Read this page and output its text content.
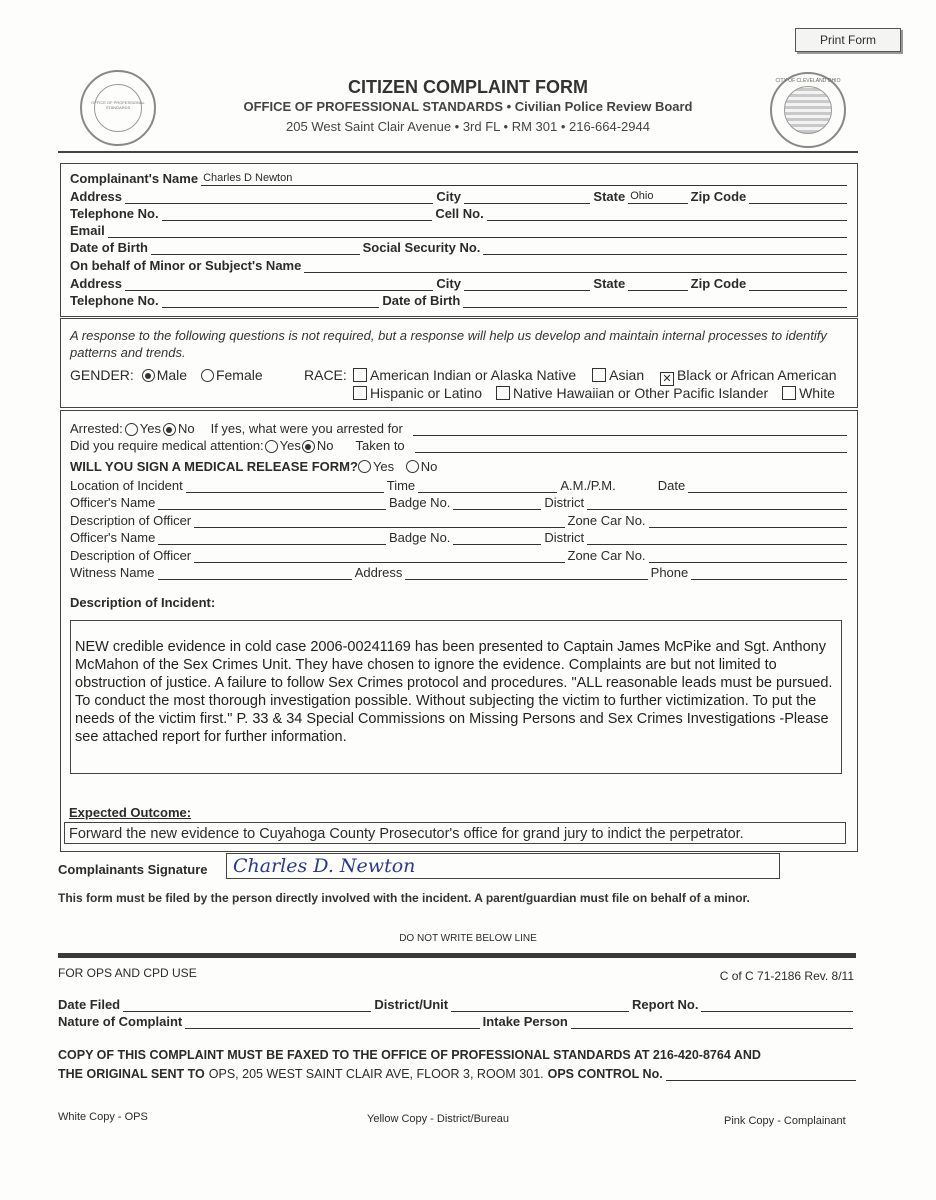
Print Form
OFFICE OF PROFESSIONAL STANDARDS
CITY OF CLEVELAND OHIO
CITIZEN COMPLAINT FORM
OFFICE OF PROFESSIONAL STANDARDS • Civilian Police Review Board
205 West Saint Clair Avenue • 3rd FL • RM 301 • 216-664-2944
Complainant's Name Charles D Newton
Address	City	State Ohio	Zip Code
Telephone No.	Cell No.
Email
Date of Birth	Social Security No.
On behalf of Minor or Subject's Name
Address	City	State	Zip Code
Telephone No.	Date of Birth
A response to the following questions is not required, but a response will help us develop and maintain internal processes to identify patterns and trends.
GENDER: Male Female	RACE:	American Indian or Alaska Native Asian ✕ Black or African American
Hispanic or Latino Native Hawaiian or Other Pacific Islander White
Arrested: Yes No If yes, what were you arrested for
Did you require medical attention: Yes No Taken to
WILL YOU SIGN A MEDICAL RELEASE FORM? Yes No
Location of Incident	Time	A.M./P.M.	Date
Officer's Name	Badge No.	District
Description of Officer	Zone Car No.
Officer's Name	Badge No.	District
Description of Officer	Zone Car No.
Witness Name	Address	Phone
Description of Incident:
NEW credible evidence in cold case 2006-00241169 has been presented to Captain James McPike and Sgt. Anthony McMahon of the Sex Crimes Unit. They have chosen to ignore the evidence. Complaints are but not limited to obstruction of justice. A failure to follow Sex Crimes protocol and procedures. "ALL reasonable leads must be pursued. To conduct the most thorough investigation possible. Without subjecting the victim to further victimization. To put the needs of the victim first." P. 33 & 34 Special Commissions on Missing Persons and Sex Crimes Investigations -Please see attached report for further information.
Expected Outcome:
Forward the new evidence to Cuyahoga County Prosecutor's office for grand jury to indict the perpetrator.
Complainants Signature	Charles D. Newton
This form must be filed by the person directly involved with the incident. A parent/guardian must file on behalf of a minor.
DO NOT WRITE BELOW LINE
FOR OPS AND CPD USE	C of C 71-2186 Rev. 8/11
Date Filed	District/Unit	Report No.
Nature of Complaint	Intake Person
COPY OF THIS COMPLAINT MUST BE FAXED TO THE OFFICE OF PROFESSIONAL STANDARDS AT 216-420-8764 AND
THE ORIGINAL SENT TO OPS, 205 WEST SAINT CLAIR AVE, FLOOR 3, ROOM 301. OPS CONTROL No.
White Copy - OPS	Yellow Copy - District/Bureau	Pink Copy - Complainant
